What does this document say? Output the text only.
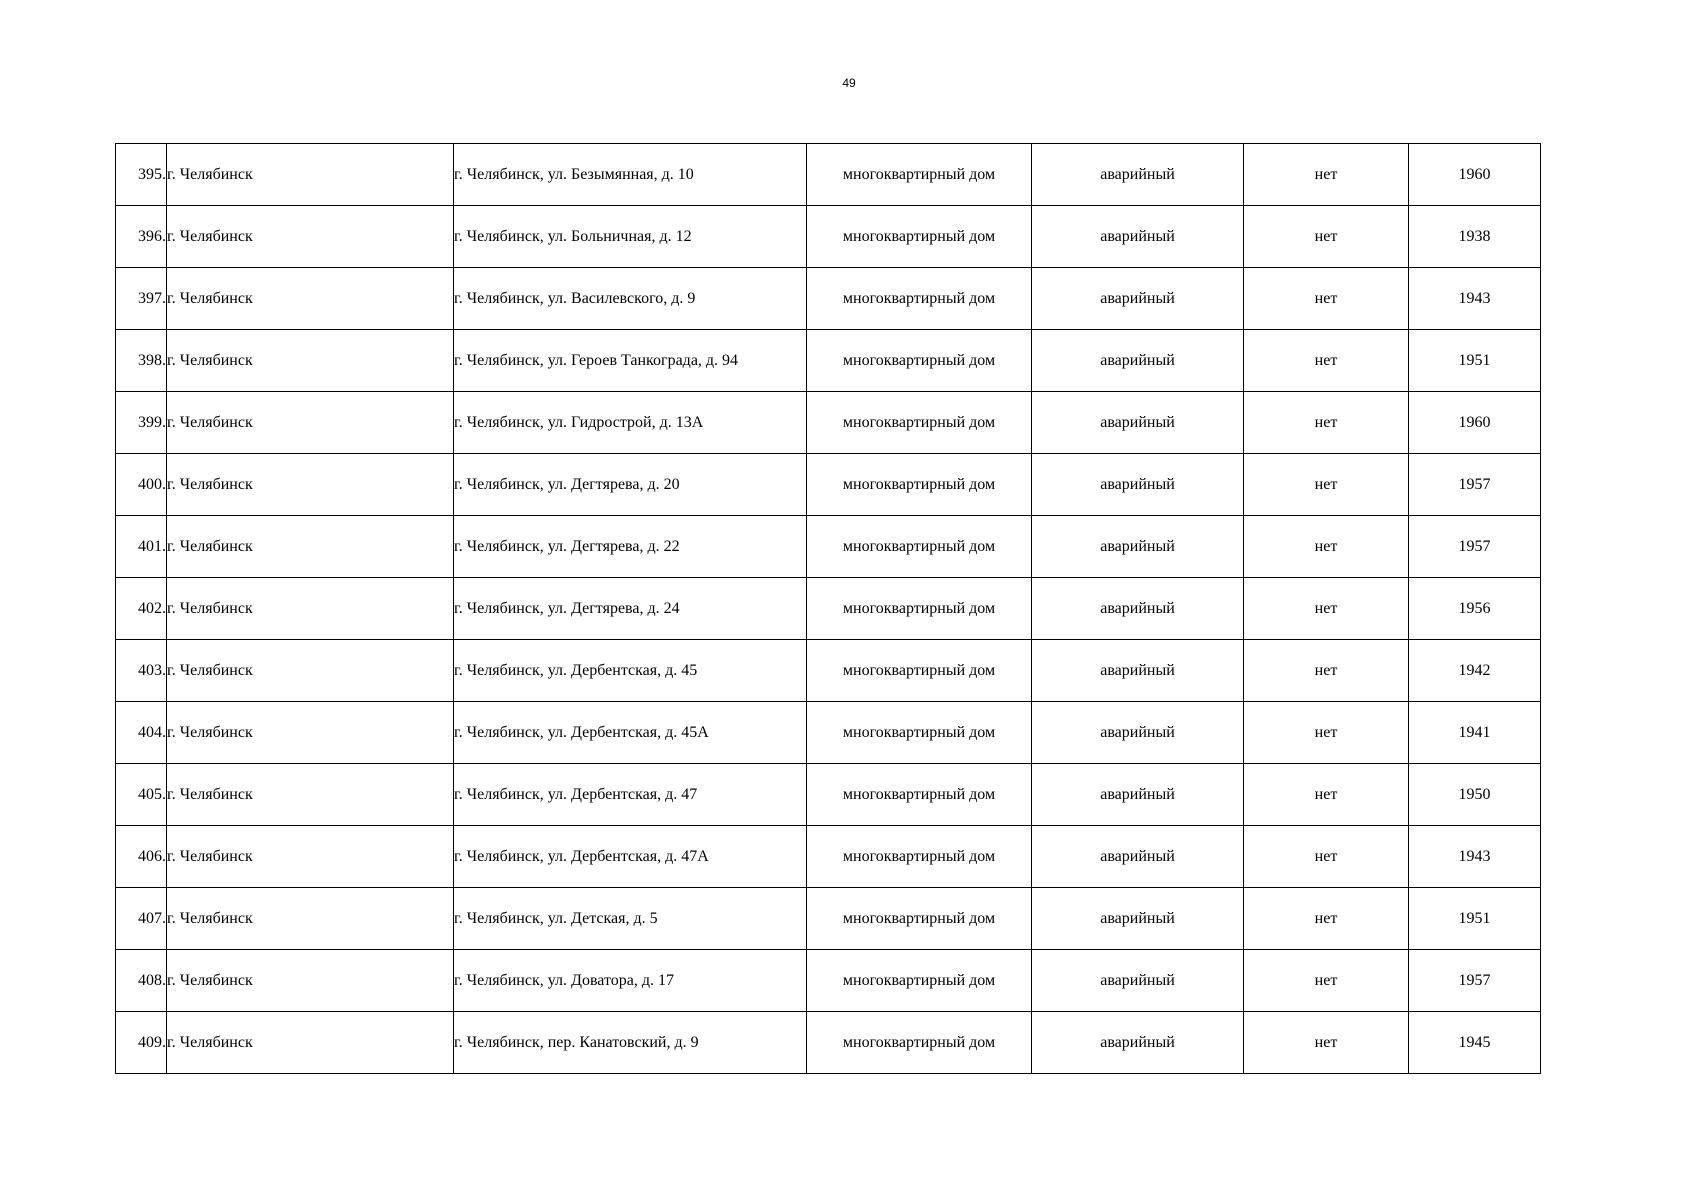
49
395.	г. Челябинск	г. Челябинск, ул. Безымянная, д. 10	многоквартирный дом	аварийный	нет	1960
396.	г. Челябинск	г. Челябинск, ул. Больничная, д. 12	многоквартирный дом	аварийный	нет	1938
397.	г. Челябинск	г. Челябинск, ул. Василевского, д. 9	многоквартирный дом	аварийный	нет	1943
398.	г. Челябинск	г. Челябинск, ул. Героев Танкограда, д. 94	многоквартирный дом	аварийный	нет	1951
399.	г. Челябинск	г. Челябинск, ул. Гидрострой, д. 13А	многоквартирный дом	аварийный	нет	1960
400.	г. Челябинск	г. Челябинск, ул. Дегтярева, д. 20	многоквартирный дом	аварийный	нет	1957
401.	г. Челябинск	г. Челябинск, ул. Дегтярева, д. 22	многоквартирный дом	аварийный	нет	1957
402.	г. Челябинск	г. Челябинск, ул. Дегтярева, д. 24	многоквартирный дом	аварийный	нет	1956
403.	г. Челябинск	г. Челябинск, ул. Дербентская, д. 45	многоквартирный дом	аварийный	нет	1942
404.	г. Челябинск	г. Челябинск, ул. Дербентская, д. 45А	многоквартирный дом	аварийный	нет	1941
405.	г. Челябинск	г. Челябинск, ул. Дербентская, д. 47	многоквартирный дом	аварийный	нет	1950
406.	г. Челябинск	г. Челябинск, ул. Дербентская, д. 47А	многоквартирный дом	аварийный	нет	1943
407.	г. Челябинск	г. Челябинск, ул. Детская, д. 5	многоквартирный дом	аварийный	нет	1951
408.	г. Челябинск	г. Челябинск, ул. Доватора, д. 17	многоквартирный дом	аварийный	нет	1957
409.	г. Челябинск	г. Челябинск, пер. Канатовский, д. 9	многоквартирный дом	аварийный	нет	1945
